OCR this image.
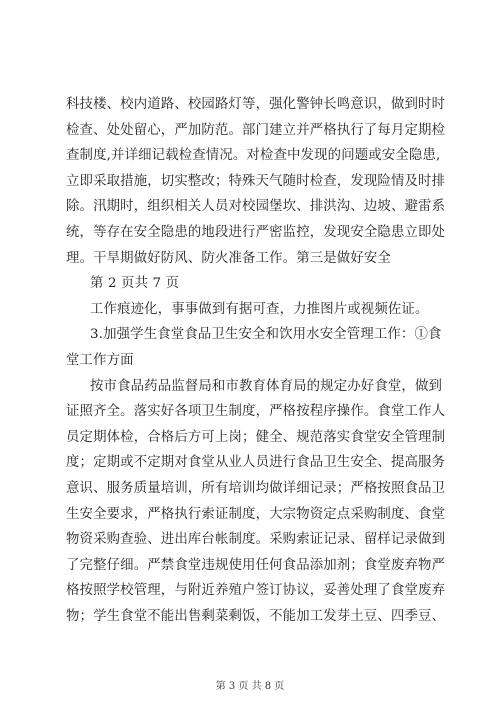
科技楼、校内道路、校园路灯等，强化警钟长鸣意识，做到时时
检查、处处留心，严加防范。部门建立并严格执行了每月定期检
查制度,并详细记载检查情况。对检查中发现的问题或安全隐患,
立即采取措施，切实整改；特殊天气随时检查，发现险情及时排
除。汛期时，组织相关人员对校园堡坎、排洪沟、边坡、避雷系
统，等存在安全隐患的地段进行严密监控，发现安全隐患立即处
理。干旱期做好防风、防火准备工作。第三是做好安全
第 2 页共 7 页
工作痕迹化，事事做到有据可查，力推图片或视频佐证。
3.加强学生食堂食品卫生安全和饮用水安全管理工作：①食
堂工作方面
按市食品药品监督局和市教育体育局的规定办好食堂，做到
证照齐全。落实好各项卫生制度，严格按程序操作。食堂工作人
员定期体检，合格后方可上岗；健全、规范落实食堂安全管理制
度；定期或不定期对食堂从业人员进行食品卫生安全、提高服务
意识、服务质量培训，所有培训均做详细记录；严格按照食品卫
生安全要求，严格执行索证制度，大宗物资定点采购制度、食堂
物资采购查验、进出库台帐制度。采购索证记录、留样记录做到
了完整仔细。严禁食堂违规使用任何食品添加剂；食堂废弃物严
格按照学校管理，与附近养殖户签订协议，妥善处理了食堂废弃
物；学生食堂不能出售剩菜剩饭，不能加工发芽土豆、四季豆、
第 3 页 共 8 页
